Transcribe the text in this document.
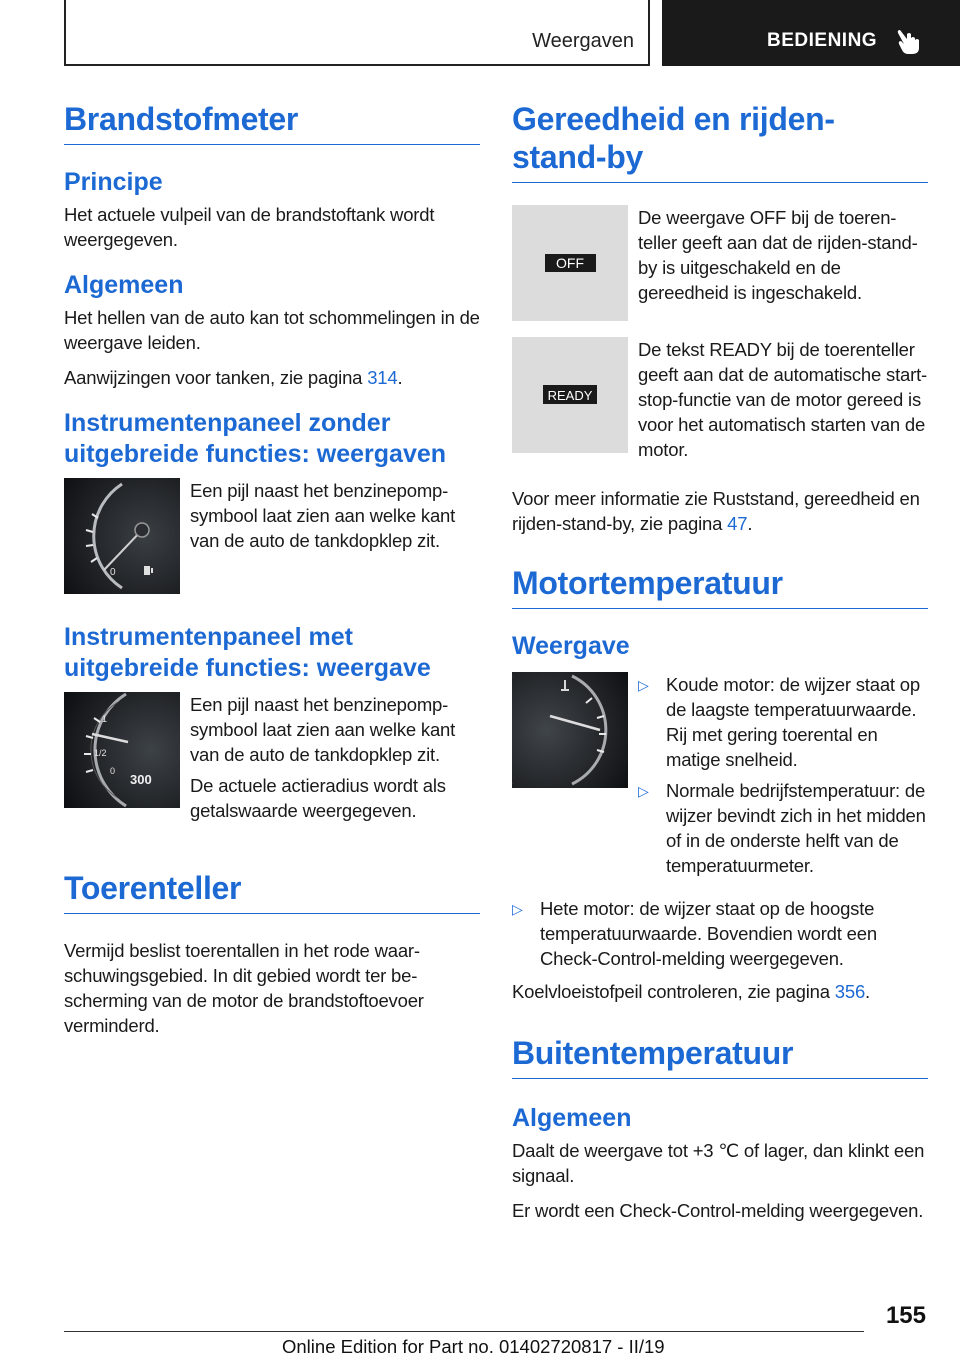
Weergaven	BEDIENING
Brandstofmeter
Principe
Het actuele vulpeil van de brandstoftank wordt weergegeven.
Algemeen
Het hellen van de auto kan tot schommelingen in de weergave leiden.
Aanwijzingen voor tanken, zie pagina 314.
Instrumentenpaneel zonder uitgebreide functies: weergaven
0
Een pijl naast het benzinepompsymbool laat zien aan welke kant van de auto de tankdopklep zit.
Instrumentenpaneel met uitgebreide functies: weergave
1
1/2
0
300
Een pijl naast het benzinepompsymbool laat zien aan welke kant van de auto de tankdopklep zit.
De actuele actieradius wordt als getalswaarde weergegeven.
Toerenteller
Vermijd beslist toerentallen in het rode waarschuwingsgebied. In dit gebied wordt ter bescherming van de motor de brandstoftoevoer verminderd.
Gereedheid en rijden-stand-by
OFF
De weergave OFF bij de toerenteller geeft aan dat de rijden-stand-by is uitgeschakeld en de gereedheid is ingeschakeld.
READY
De tekst READY bij de toerenteller geeft aan dat de automatische start-stop-functie van de motor gereed is voor het automatisch starten van de motor.
Voor meer informatie zie Ruststand, gereedheid en rijden-stand-by, zie pagina 47.
Motortemperatuur
Weergave
▷ Koude motor: de wijzer staat op de laagste temperatuurwaarde. Rij met gering toerental en matige snelheid.
▷ Normale bedrijfstemperatuur: de wijzer bevindt zich in het midden of in de onderste helft van de temperatuurmeter.
▷ Hete motor: de wijzer staat op de hoogste temperatuurwaarde. Bovendien wordt een Check-Control-melding weergegeven.
Koelvloeistofpeil controleren, zie pagina 356.
Buitentemperatuur
Algemeen
Daalt de weergave tot +3 ℃ of lager, dan klinkt een signaal.
Er wordt een Check-Control-melding weergegeven.
155
Online Edition for Part no. 01402720817 - II/19
